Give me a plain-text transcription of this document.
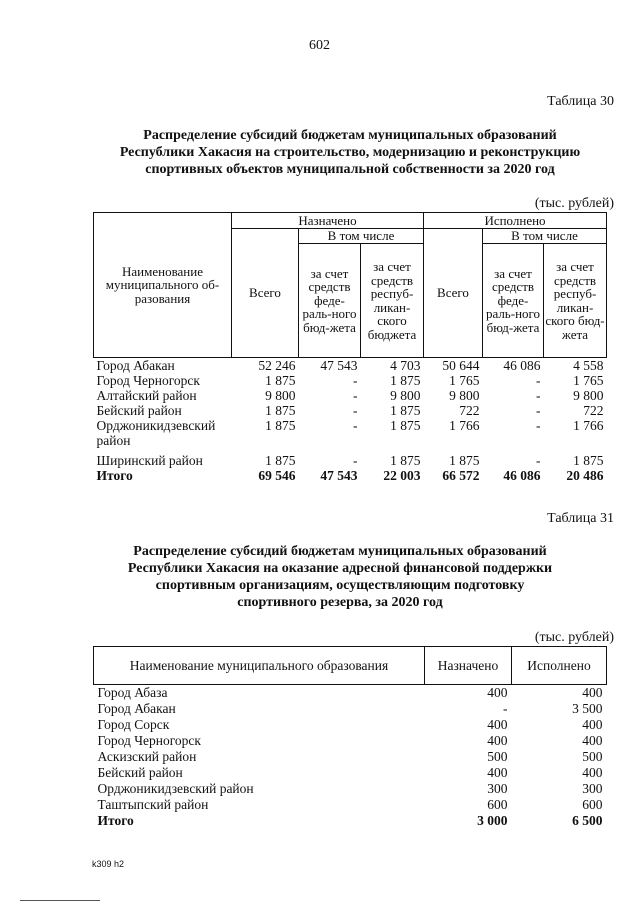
602
Таблица 30
Распределение субсидий бюджетам муниципальных образований
Республики Хакасия на строительство, модернизацию и реконструкцию
спортивных объектов муниципальной собственности за 2020 год
(тыс. рублей)
Наименование муниципального об-разования	Назначено			Исполнено		
	Всего	В том числе		Всего	В том числе	
		за счет средств феде-раль-ного бюд-жета	за счет средств респуб-ликан-ского бюджета		за счет средств феде-раль-ного бюд-жета	за счет средств респуб-ликан-ского бюд-жета
Город Абакан	52 246	47 543	4 703	50 644	46 086	4 558
Город Черногорск	1 875	-	1 875	1 765	-	1 765
Алтайский район	9 800	-	9 800	9 800	-	9 800
Бейский район	1 875	-	1 875	722	-	722
Орджоникидзевский район	1 875	-	1 875	1 766	-	1 766
Ширинский район	1 875	-	1 875	1 875	-	1 875
Итого	69 546	47 543	22 003	66 572	46 086	20 486
Таблица 31
Распределение субсидий бюджетам муниципальных образований
Республики Хакасия на оказание адресной финансовой поддержки
спортивным организациям, осуществляющим подготовку
спортивного резерва, за 2020 год
(тыс. рублей)
Наименование муниципального образования	Назначено	Исполнено
Город Абаза	400	400
Город Абакан	-	3 500
Город Сорск	400	400
Город Черногорск	400	400
Аскизский район	500	500
Бейский район	400	400
Орджоникидзевский район	300	300
Таштыпский район	600	600
Итого	3 000	6 500
k309 h2
